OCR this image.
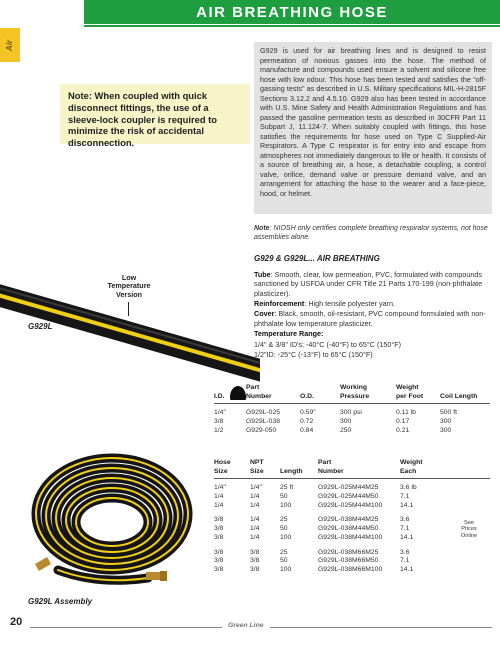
AIR BREATHING HOSE
Air

Note: When coupled with quick disconnect fittings, the use of a sleeve-lock coupler is required to minimize the risk of accidental disconnection.

G929 is used for air breathing lines and is designed to resist permeation of noxious gasses into the hose. The method of manufacture and compounds used ensure a solvent and silicone free hose with low odour. This hose has been tested and satisfies the “off-gassing tests” as described in U.S. Military specifications MIL-H-2815F Sections 3.12.2 and 4.5.10. G929 also has been tested in accordance with U.S. Mine Safety and Health Administration Regulations and has passed the gasoline permeation tests as described in 30CFR Part 11 Subpart J, 11.124-7. When suitably coupled with fittings, this hose satisfies the requirements for hose used on Type C Supplied-Air Respirators. A Type C respirator is for entry into and escape from atmospheres not immediately dangerous to life or health. It consists of a source of breathing air, a hose, a detachable coupling, a control valve, orifice, demand valve or pressure demand valve, and an arrangement for attaching the hose to the wearer and a face-piece, hood, or helmet.

Note: NIOSH only certifies complete breathing respirator systems, not hose assemblies alone.

G929 & G929L... AIR BREATHING

Tube: Smooth, clear, low permeation, PVC, formulated with compounds sanctioned by USFDA under CFR Title 21 Parts 170-199 (non-phthalate plasticizer).

Reinforcement: High tensile polyester yarn.

Cover: Black, smooth, oil-resistant, PVC compound formulated with non-phthalate low temperature plasticizer.

Temperature Range:

1/4" & 3/8" ID's: -40°C (-40°F) to 65°C (150°F)

1/2"ID: -25°C (-13°F) to 65°C (150°F)

Low
Temperature
Version
G929L
G929L Assembly
	Part		Working	Weight	
I.D.	Number	O.D.	Pressure	per Foot	Coil Length
1/4"	G929L-025	0.59"	300 psi	0.11 lb	500 ft
3/8	G929L-038	0.72	300	0.17	300
1/2	G929-050	0.84	250	0.21	300
Hose	NPT		Part	Weight	
Size	Size	Length	Number	Each	
1/4"	1/4"	25 ft	G929L-025M44M25	3.6 lb	
1/4	1/4	50	G929L-025M44M50	7.1	
1/4	1/4	100	G929L-025M44M100	14.1	

3/8	1/4	25	G929L-038M44M25	3.6	See
Prices
Online

3/8	1/4	50	G929L-038M44M50	7.1	
3/8	1/4	100	G929L-038M44M100	14.1	

3/8	3/8	25	G929L-038M66M25	3.6	
3/8	3/8	50	G929L-038M66M50	7.1	
3/8	3/8	100	G929L-038M66M100	14.1	
Green Line
20
